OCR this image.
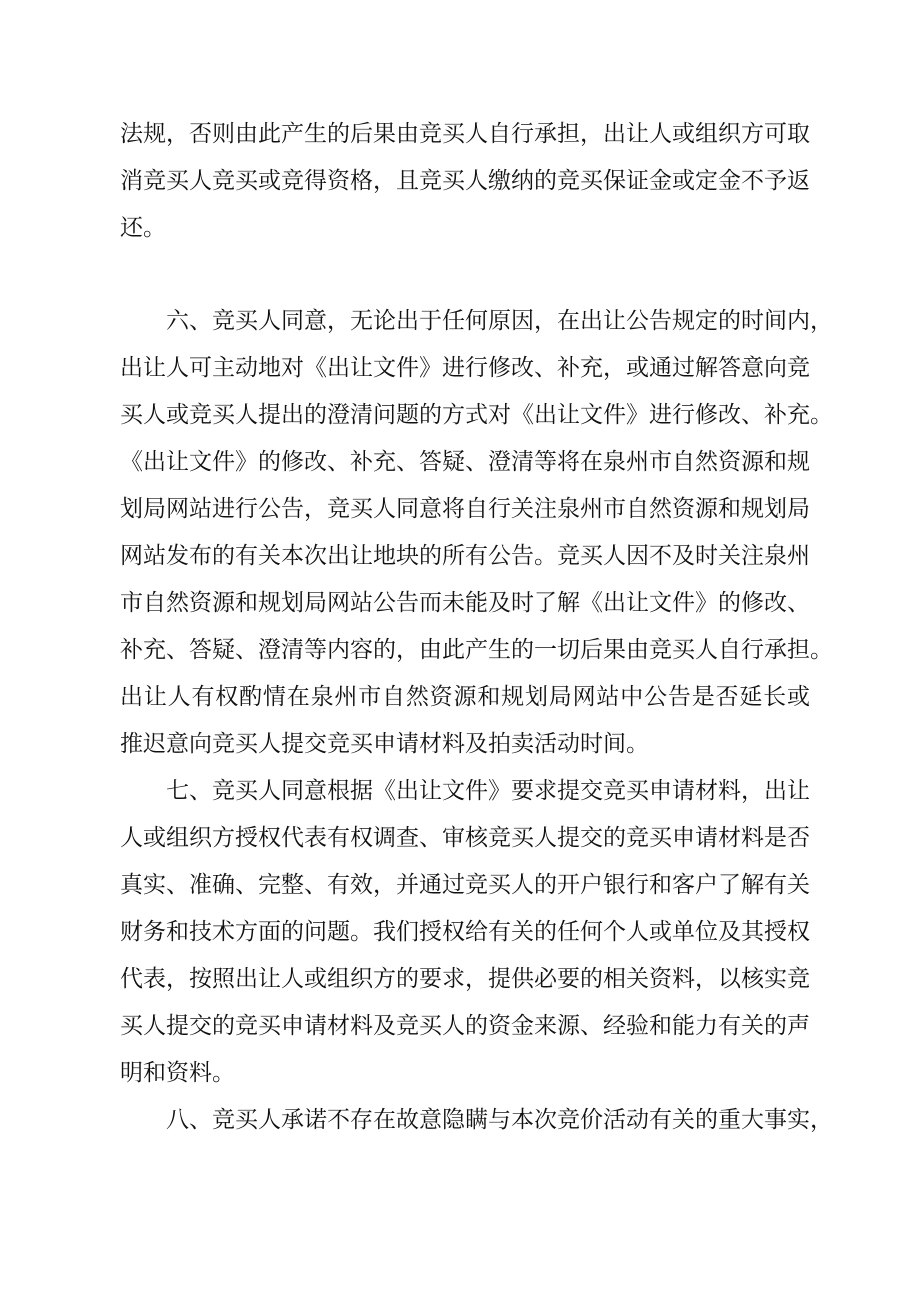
法规，否则由此产生的后果由竞买人自行承担，出让人或组织方可取
消竞买人竞买或竞得资格，且竞买人缴纳的竞买保证金或定金不予返
还。
六、竞买人同意，无论出于任何原因，在出让公告规定的时间内，
出让人可主动地对《出让文件》进行修改、补充，或通过解答意向竞
买人或竞买人提出的澄清问题的方式对《出让文件》进行修改、补充。
《出让文件》的修改、补充、答疑、澄清等将在泉州市自然资源和规
划局网站进行公告，竞买人同意将自行关注泉州市自然资源和规划局
网站发布的有关本次出让地块的所有公告。竞买人因不及时关注泉州
市自然资源和规划局网站公告而未能及时了解《出让文件》的修改、
补充、答疑、澄清等内容的，由此产生的一切后果由竞买人自行承担。
出让人有权酌情在泉州市自然资源和规划局网站中公告是否延长或
推迟意向竞买人提交竞买申请材料及拍卖活动时间。
七、竞买人同意根据《出让文件》要求提交竞买申请材料，出让
人或组织方授权代表有权调查、审核竞买人提交的竞买申请材料是否
真实、准确、完整、有效，并通过竞买人的开户银行和客户了解有关
财务和技术方面的问题。我们授权给有关的任何个人或单位及其授权
代表，按照出让人或组织方的要求，提供必要的相关资料，以核实竞
买人提交的竞买申请材料及竞买人的资金来源、经验和能力有关的声
明和资料。
八、竞买人承诺不存在故意隐瞒与本次竞价活动有关的重大事实，
